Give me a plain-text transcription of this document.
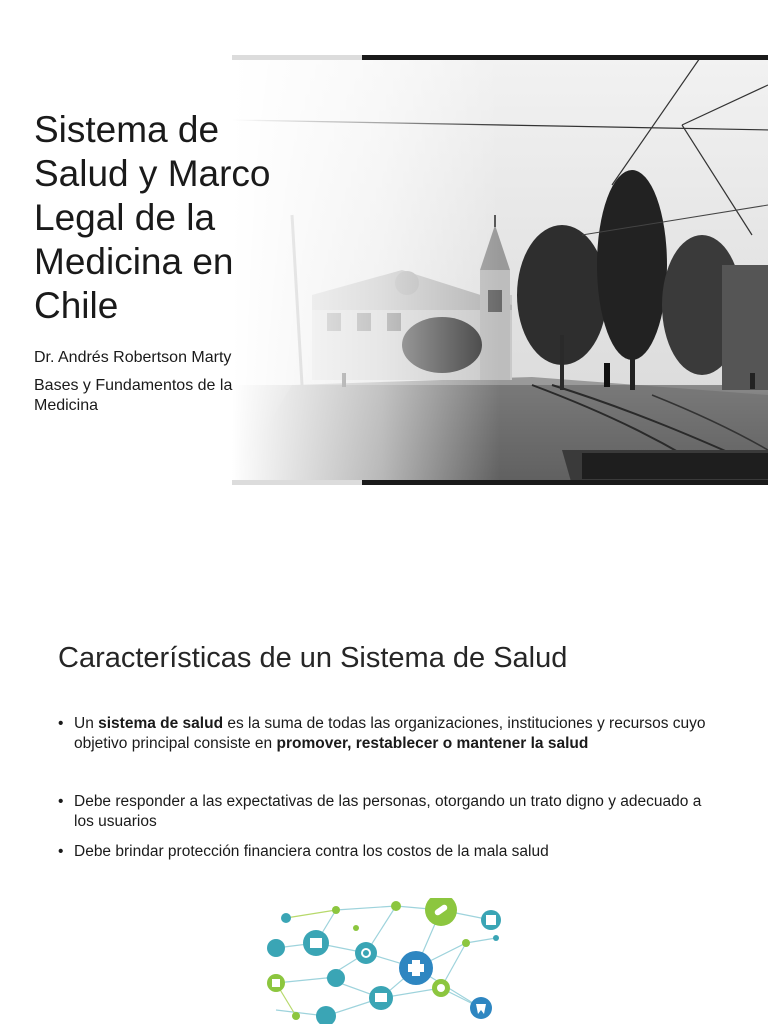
Sistema de Salud y Marco Legal de la Medicina en Chile

Dr. Andrés Robertson Marty

Bases y Fundamentos de la Medicina

Características de un Sistema de Salud
• Un sistema de salud es la suma de todas las organizaciones, instituciones y recursos cuyo objetivo principal consiste en promover, restablecer o mantener la salud
• Debe responder a las expectativas de las personas, otorgando un trato digno y adecuado a los usuarios
• Debe brindar protección financiera contra los costos de la mala salud
